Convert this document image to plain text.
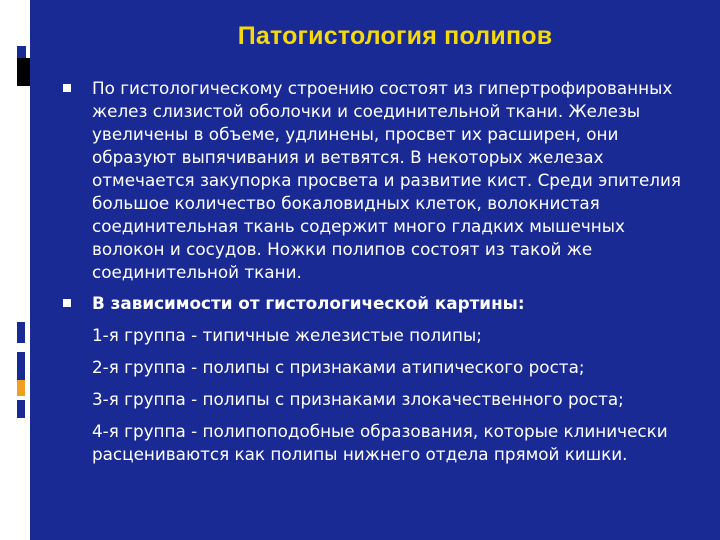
Патогистология полипов

По гистологическому строению состоят из гипертрофированных желез слизистой оболочки и соединительной ткани. Железы увеличены в объеме, удлинены, просвет их расширен, они образуют выпячивания и ветвятся. В некоторых железах отмечается закупорка просвета и развитие кист. Среди эпителия большое количество бокаловидных клеток, волокнистая соединительная ткань содержит много гладких мышечных волокон и сосудов. Ножки полипов состоят из такой же соединительной ткани.

В зависимости от гистологической картины:

1-я группа - типичные железистые полипы;

2-я группа - полипы с признаками атипического роста;

3-я группа - полипы с признаками злокачественного роста;

4-я группа - полипоподобные образования, которые клинически расцениваются как полипы нижнего отдела прямой кишки.
